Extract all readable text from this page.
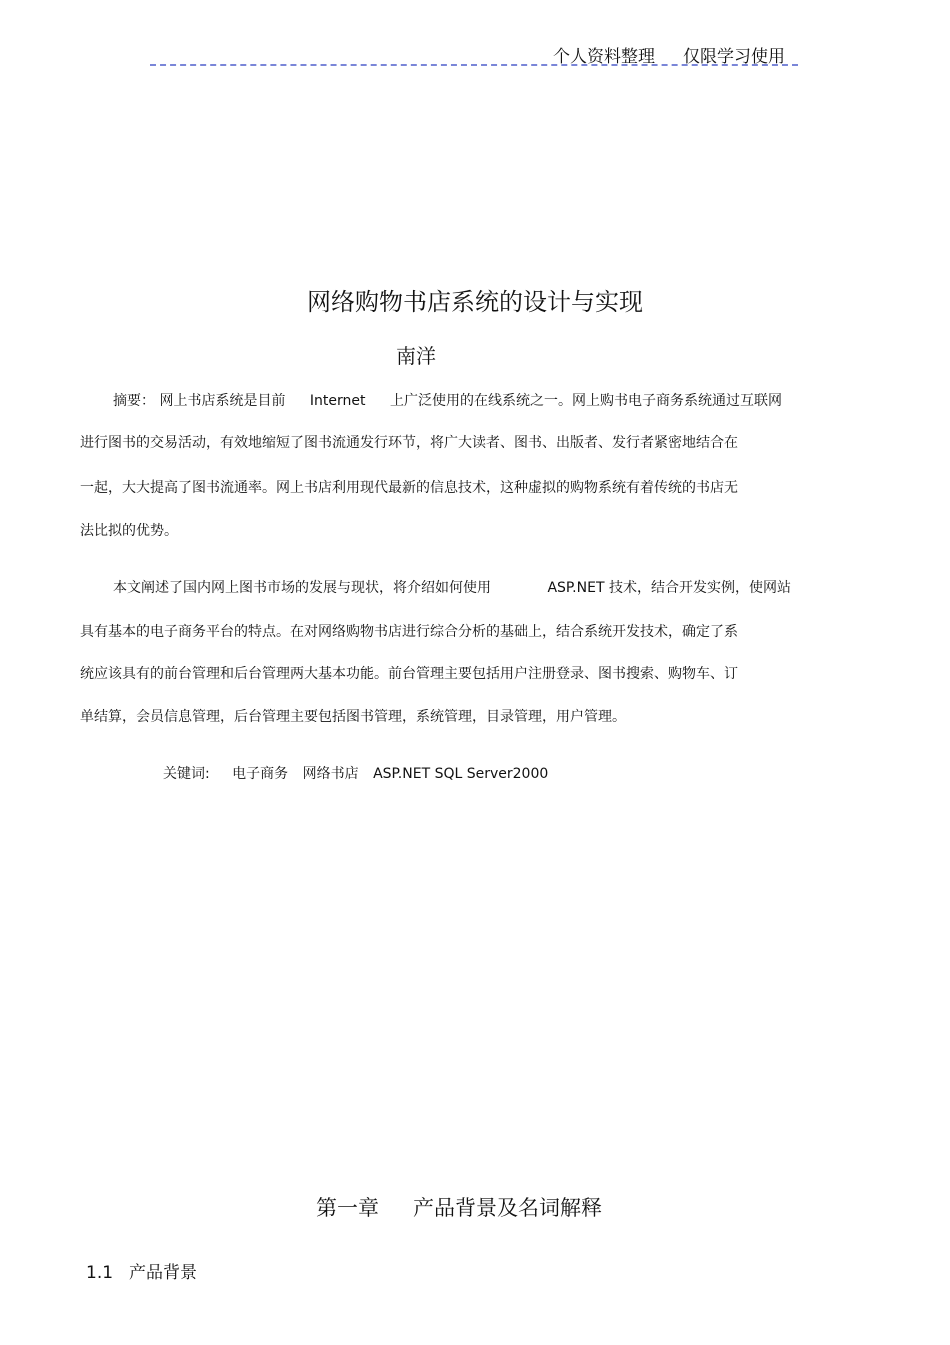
个人资料整理 仅限学习使用
网络购物书店系统的设计与实现
南洋
摘要： 网上书店系统是目前 Internet 上广泛使用的在线系统之一。网上购书电子商务系统通过互联网
进行图书的交易活动，有效地缩短了图书流通发行环节，将广大读者、图书、出版者、发行者紧密地结合在
一起，大大提高了图书流通率。网上书店利用现代最新的信息技术，这种虚拟的购物系统有着传统的书店无
法比拟的优势。
本文阐述了国内网上图书市场的发展与现状，将介绍如何使用	ASP.NET 技术，结合开发实例，使网站
具有基本的电子商务平台的特点。在对网络购物书店进行综合分析的基础上，结合系统开发技术，确定了系
统应该具有的前台管理和后台管理两大基本功能。前台管理主要包括用户注册登录、图书搜索、购物车、订
单结算，会员信息管理，后台管理主要包括图书管理，系统管理，目录管理，用户管理。
关键词: 电子商务 网络书店 ASP.NET SQL Server2000
第一章 产品背景及名词解释
1.1 产品背景
